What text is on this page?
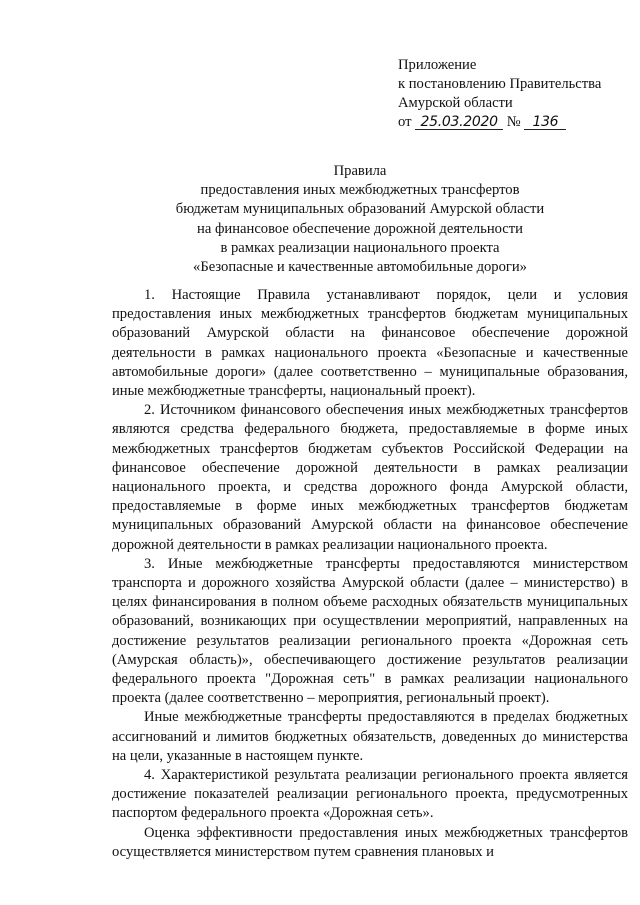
Приложение
к постановлению Правительства
Амурской области
от 25.03.2020 № 136
Правила
предоставления иных межбюджетных трансфертов
бюджетам муниципальных образований Амурской области
на финансовое обеспечение дорожной деятельности
в рамках реализации национального проекта
«Безопасные и качественные автомобильные дороги»

1. Настоящие Правила устанавливают порядок, цели и условия предоставления иных межбюджетных трансфертов бюджетам муниципальных образований Амурской области на финансовое обеспечение дорожной деятельности в рамках национального проекта «Безопасные и качественные автомобильные дороги» (далее соответственно – муниципальные образования, иные межбюджетные трансферты, национальный проект).

2. Источником финансового обеспечения иных межбюджетных трансфертов являются средства федерального бюджета, предоставляемые в форме иных межбюджетных трансфертов бюджетам субъектов Российской Федерации на финансовое обеспечение дорожной деятельности в рамках реализации национального проекта, и средства дорожного фонда Амурской области, предоставляемые в форме иных межбюджетных трансфертов бюджетам муниципальных образований Амурской области на финансовое обеспечение дорожной деятельности в рамках реализации национального проекта.

3. Иные межбюджетные трансферты предоставляются министерством транспорта и дорожного хозяйства Амурской области (далее – министерство) в целях финансирования в полном объеме расходных обязательств муниципальных образований, возникающих при осуществлении мероприятий, направленных на достижение результатов реализации регионального проекта «Дорожная сеть (Амурская область)», обеспечивающего достижение результатов реализации федерального проекта "Дорожная сеть" в рамках реализации национального проекта (далее соответственно – мероприятия, региональный проект).

Иные межбюджетные трансферты предоставляются в пределах бюджетных ассигнований и лимитов бюджетных обязательств, доведенных до министерства на цели, указанные в настоящем пункте.

4. Характеристикой результата реализации регионального проекта является достижение показателей реализации регионального проекта, предусмотренных паспортом федерального проекта «Дорожная сеть».

Оценка эффективности предоставления иных межбюджетных трансфертов осуществляется министерством путем сравнения плановых и
